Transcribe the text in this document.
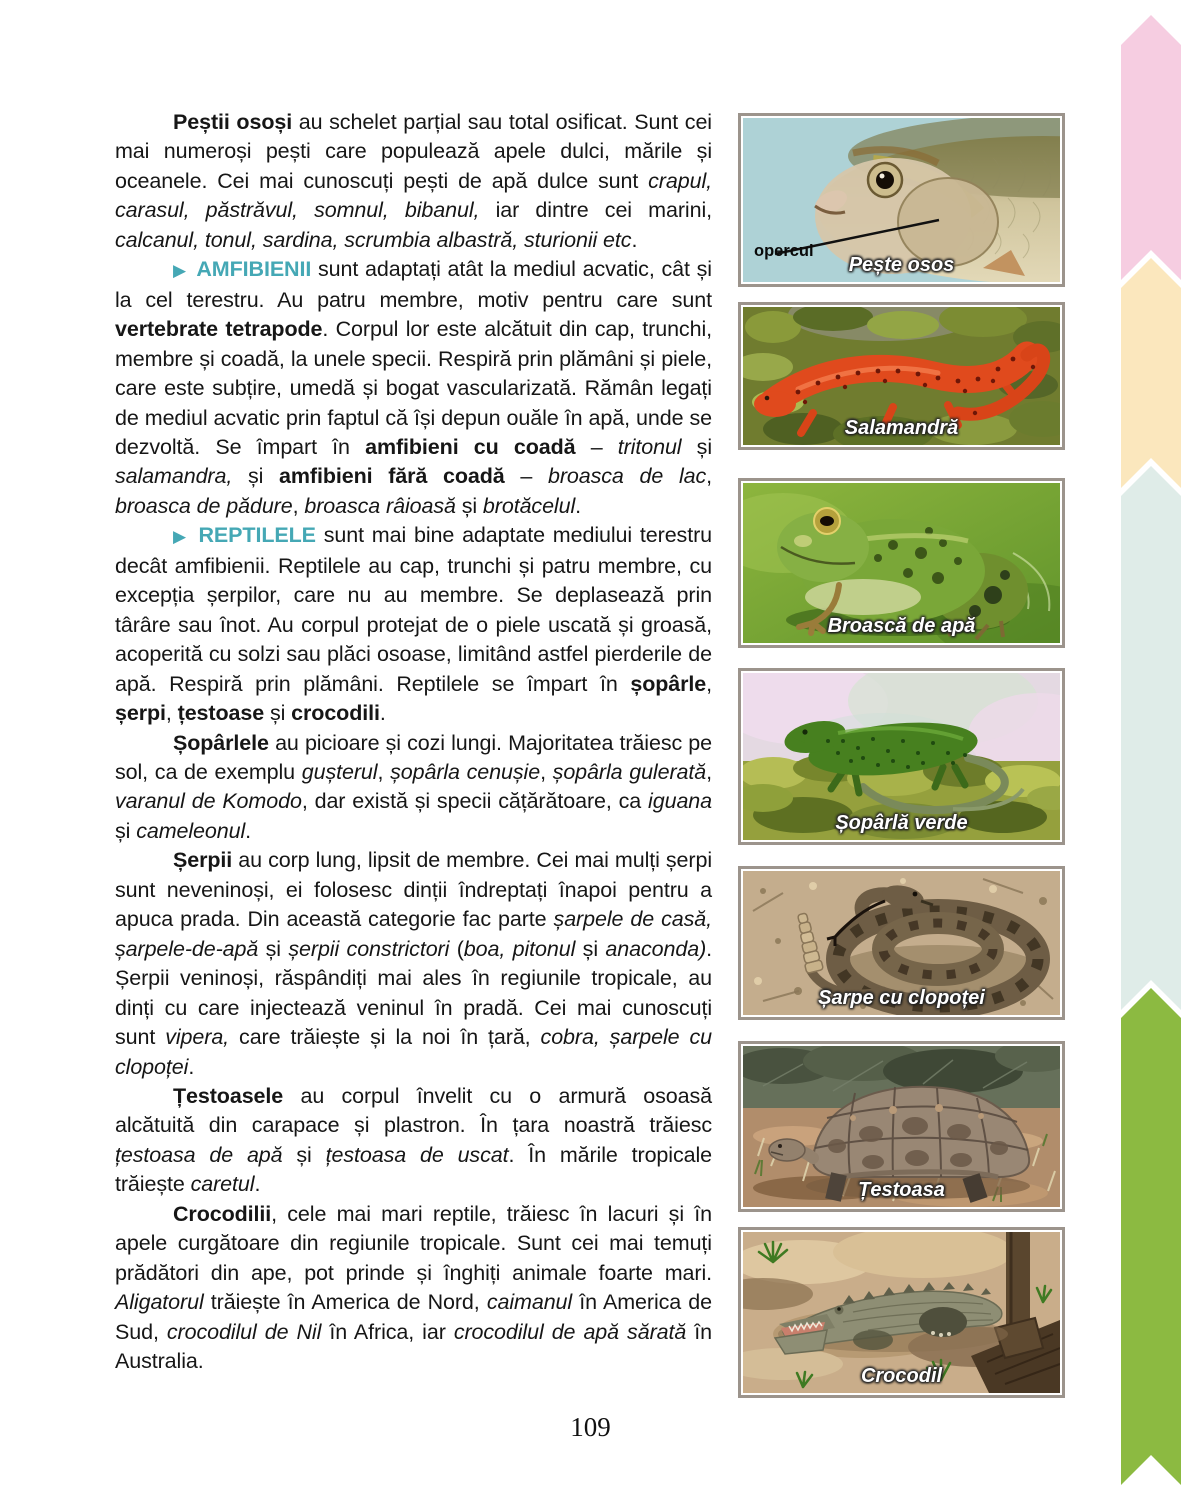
Peștii osoși au schelet parțial sau total osificat. Sunt cei mai numeroși pești care populează apele dulci, mările și oceanele. Cei mai cunoscuți pești de apă dulce sunt crapul, carasul, păstrăvul, somnul, bibanul, iar dintre cei marini, calcanul, tonul, sardina, scrumbia albastră, sturionii etc.

▶ AMFIBIENII sunt adaptați atât la mediul acvatic, cât și la cel terestru. Au patru membre, motiv pentru care sunt vertebrate tetrapode. Corpul lor este alcătuit din cap, trunchi, membre și coadă, la unele specii. Respiră prin plămâni și piele, care este subțire, umedă și bogat vascularizată. Rămân legați de mediul acvatic prin faptul că își depun ouăle în apă, unde se dezvoltă. Se împart în amfibieni cu coadă – tritonul și salamandra, și amfibieni fără coadă – broasca de lac, broasca de pădure, broasca râioasă și brotăcelul.

▶ REPTILELE sunt mai bine adaptate mediului terestru decât amfibienii. Reptilele au cap, trunchi și patru membre, cu excepția șerpilor, care nu au membre. Se deplasează prin târâre sau înot. Au corpul protejat de o piele uscată și groasă, acoperită cu solzi sau plăci osoase, limitând astfel pierderile de apă. Respiră prin plămâni. Reptilele se împart în șopârle, șerpi, țestoase și crocodili.

Șopârlele au picioare și cozi lungi. Majoritatea trăiesc pe sol, ca de exemplu gușterul, șopârla cenușie, șopârla gulerată, varanul de Komodo, dar există și specii cățărătoare, ca iguana și cameleonul.

Șerpii au corp lung, lipsit de membre. Cei mai mulți șerpi sunt neveninoși, ei folosesc dinții îndreptați înapoi pentru a apuca prada. Din această categorie fac parte șarpele de casă, șarpele-de-apă și șerpii constrictori (boa, pitonul și anaconda). Șerpii veninoși, răspândiți mai ales în regiunile tropicale, au dinți cu care injectează veninul în pradă. Cei mai cunoscuți sunt vipera, care trăiește și la noi în țară, cobra, șarpele cu clopoței.

Țestoasele au corpul învelit cu o armură osoasă alcătuită din carapace și plastron. În țara noastră trăiesc țestoasa de apă și țestoasa de uscat. În mările tropicale trăiește caretul.

Crocodilii, cele mai mari reptile, trăiesc în lacuri și în apele curgătoare din regiunile tropicale. Sunt cei mai temuți prădători din ape, pot prinde și înghiți animale foarte mari. Aligatorul trăiește în America de Nord, caimanul în America de Sud, crocodilul de Nil în Africa, iar crocodilul de apă sărată în Australia.

opercul
Pește osos
Salamandră
Broască de apă
Șopârlă verde
Șarpe cu clopoței
Țestoasa
Crocodil
109
